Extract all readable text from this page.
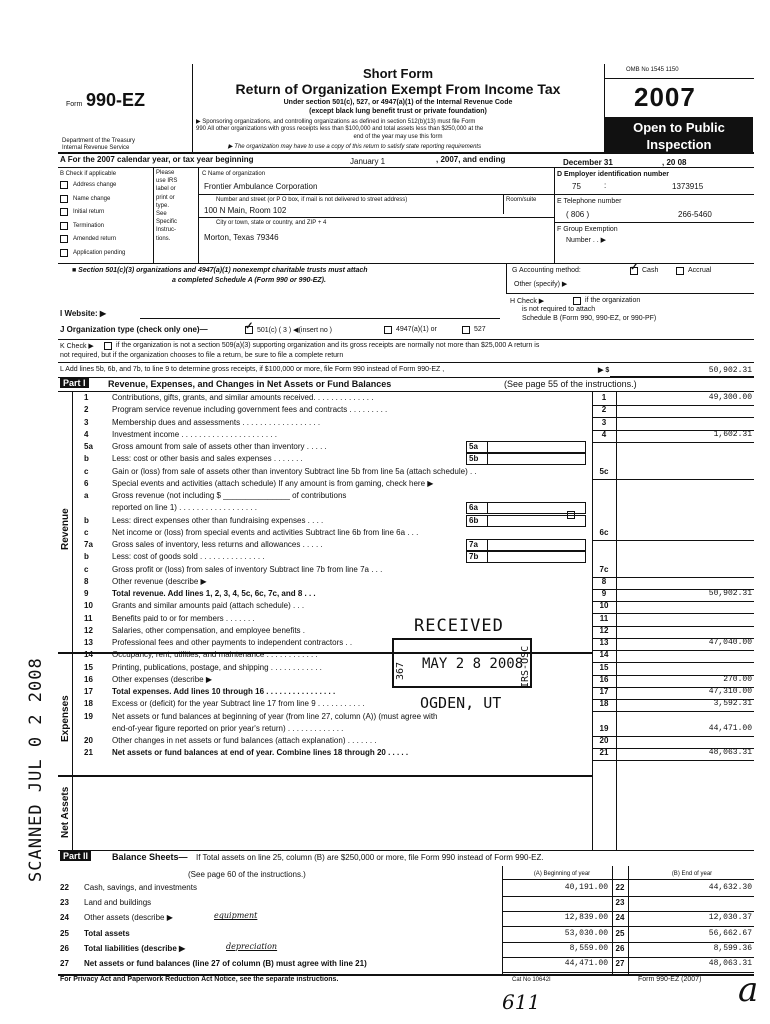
Form 990-EZ
Department of the Treasury
Internal Revenue Service
Short Form
Return of Organization Exempt From Income Tax
Under section 501(c), 527, or 4947(a)(1) of the Internal Revenue Code
(except black lung benefit trust or private foundation)
▶ Sponsoring organizations, and controlling organizations as defined in section 512(b)(13) must file Form
990 All other organizations with gross receipts less than $100,000 and total assets less than $250,000 at the
end of the year may use this form
▶ The organization may have to use a copy of this return to satisfy state reporting requirements
OMB No 1545 1150
2007
Open to Public
Inspection
A For the 2007 calendar year, or tax year beginning	January 1	, 2007, and ending	December 31	, 20 08
B Check if applicable
Address change
Name change
Initial return
Termination
Amended return
Application pending
Please
use IRS
label or
print or
type.
See
Specific
Instruc-
tions.
C Name of organization
Frontier Ambulance Corporation
Number and street (or P O box, if mail is not delivered to street address)	Room/suite
100 N Main, Room 102
City or town, state or country, and ZIP + 4
Morton, Texas 79346
D Employer identification number
75	:	1373915
E Telephone number
( 806 )	266-5460
F Group Exemption
Number . . ▶
■ Section 501(c)(3) organizations and 4947(a)(1) nonexempt charitable trusts must attach
a completed Schedule A (Form 990 or 990-EZ).
G Accounting method:	✓ Cash	Accrual
Other (specify) ▶
H Check ▶	if the organization
is not required to attach
Schedule B (Form 990, 990-EZ, or 990-PF)
I Website: ▶
J Organization type (check only one)—	✓ 501(c) ( 3 ) ◀(insert no )	4947(a)(1) or	527
K Check ▶	if the organization is not a section 509(a)(3) supporting organization and its gross receipts are normally not more than $25,000 A return is
not required, but if the organization chooses to file a return, be sure to file a complete return
L Add lines 5b, 6b, and 7b, to line 9 to determine gross receipts, if $100,000 or more, file Form 990 instead of Form 990-EZ ,	▶ $	50,902.31
Part I	Revenue, Expenses, and Changes in Net Assets or Fund Balances	(See page 55 of the instructions.)
Revenue
Expenses
Net Assets
1	Contributions, gifts, grants, and similar amounts received. . . . . . . . . . . . . .	1	49,300.00
2	Program service revenue including government fees and contracts . . . . . . . . .	2
3	Membership dues and assessments . . . . . . . . . . . . . . . . . .	3
4	Investment income . . . . . . . . . . . . . . . . . . . . . .	4	1,602.31
5a Gross amount from sale of assets other than inventory . . . . .
b	Less: cost or other basis and sales expenses . . . . . . .
c	Gain or (loss) from sale of assets other than inventory Subtract line 5b from line 5a (attach schedule) . .	5c
6	Special events and activities (attach schedule) If any amount is from gaming, check here ▶
a	Gross revenue (not including $ _______________ of contributions
reported on line 1) . . . . . . . . . . . . . . . . . .
b	Less: direct expenses other than fundraising expenses . . . .
c	Net income or (loss) from special events and activities Subtract line 6b from line 6a . . .	6c
7a Gross sales of inventory, less returns and allowances . . . . .
b	Less: cost of goods sold . . . . . . . . . . . . . . .
c	Gross profit or (loss) from sales of inventory Subtract line 7b from line 7a . . .	7c
8	Other revenue (describe ▶	8
9	Total revenue. Add lines 1, 2, 3, 4, 5c, 6c, 7c, and 8 . . .	9	50,902.31
10 Grants and similar amounts paid (attach schedule) . . .	10
11 Benefits paid to or for members . . . . . . .	11
12 Salaries, other compensation, and employee benefits .	12
13 Professional fees and other payments to independent contractors . .	13	47,040.00
14 Occupancy, rent, utilities, and maintenance . . . . . . . . . . . .	14
15 Printing, publications, postage, and shipping . . . . . . . . . . . .	15
16 Other expenses (describe ▶	16	270.00
17 Total expenses. Add lines 10 through 16 . . . . . . . . . . . . . . . .	17	47,310.00
18 Excess or (deficit) for the year Subtract line 17 from line 9 . . . . . . . . . . .	18	3,592.31
19 Net assets or fund balances at beginning of year (from line 27, column (A)) (must agree with
end-of-year figure reported on prior year's return) . . . . . . . . . . . . .	19	44,471.00
20 Other changes in net assets or fund balances (attach explanation) . . . . . . .	20
21 Net assets or fund balances at end of year. Combine lines 18 through 20 . . . . .	21	48,063.31
5a
5b
6a
6b
7a
7b
Part II	Balance Sheets— If Total assets on line 25, column (B) are $250,000 or more, file Form 990 instead of Form 990-EZ.
(See page 60 of the instructions.)	(A) Beginning of year	(B) End of year
22 Cash, savings, and investments	40,191.00 22	44,632.30
23 Land and buildings	23
24 Other assets (describe ▶	equipment	12,839.00 24	12,030.37
25 Total assets	53,030.00 25	56,662.67
26 Total liabilities (describe ▶	depreciation	8,559.00 26	8,599.36
27 Net assets or fund balances (line 27 of column (B) must agree with line 21)	44,471.00 27	48,063.31
For Privacy Act and Paperwork Reduction Act Notice, see the separate instructions.	Cat No 10642I	Form 990-EZ (2007)
RECEIVED
MAY 2 8 2008
367	IRS-OSC
OGDEN, UT
SCANNED JUL 0 2 2008
611	a
